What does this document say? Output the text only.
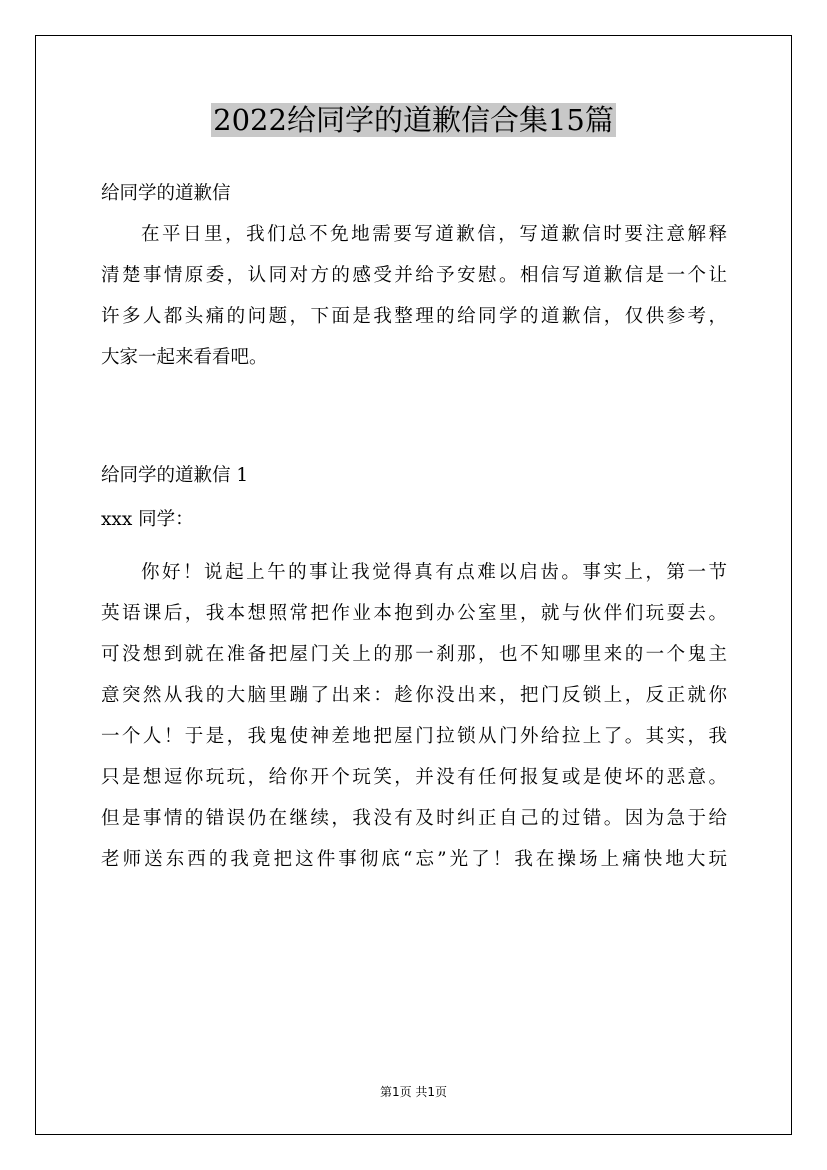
2022给同学的道歉信合集15篇
给同学的道歉信
在平日里，我们总不免地需要写道歉信，写道歉信时要注意解释
清楚事情原委，认同对方的感受并给予安慰。相信写道歉信是一个让
许多人都头痛的问题，下面是我整理的给同学的道歉信，仅供参考，
大家一起来看看吧。
给同学的道歉信 1
xxx 同学：
你好！说起上午的事让我觉得真有点难以启齿。事实上，第一节
英语课后，我本想照常把作业本抱到办公室里，就与伙伴们玩耍去。
可没想到就在准备把屋门关上的那一刹那，也不知哪里来的一个鬼主
意突然从我的大脑里蹦了出来：趁你没出来，把门反锁上，反正就你
一个人！于是，我鬼使神差地把屋门拉锁从门外给拉上了。其实，我
只是想逗你玩玩，给你开个玩笑，并没有任何报复或是使坏的恶意。
但是事情的错误仍在继续，我没有及时纠正自己的过错。因为急于给
老师送东西的我竟把这件事彻底“忘”光了！我在操场上痛快地大玩
第1页 共1页
